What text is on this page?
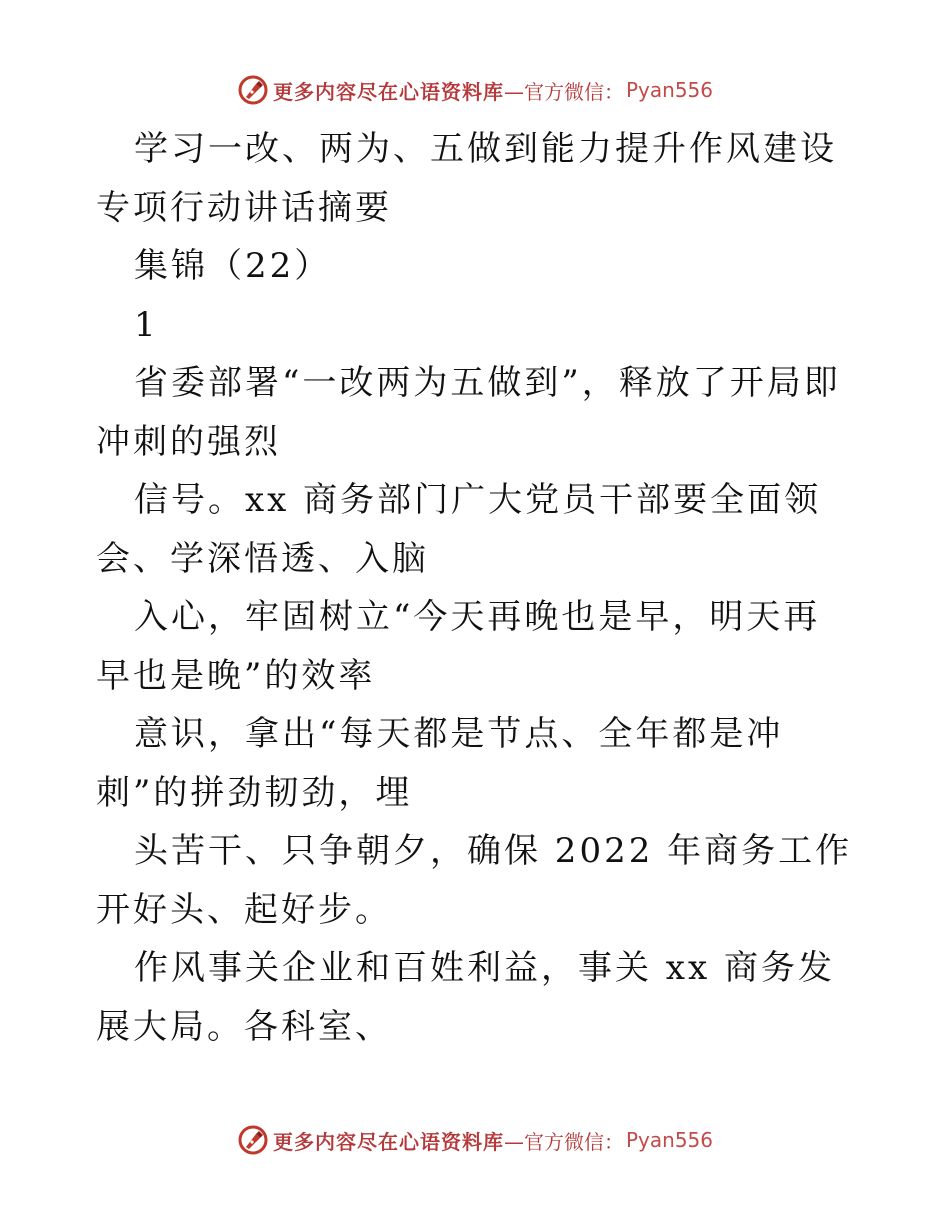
更多内容尽在心语资料库 —官方微信： Pyan556

学习一改、两为、五做到能力提升作风建设专项行动讲话摘要

集锦（22）

1

省委部署“一改两为五做到”，释放了开局即冲刺的强烈

信号。xx 商务部门广大党员干部要全面领会、学深悟透、入脑

入心，牢固树立“今天再晚也是早，明天再早也是晚”的效率

意识，拿出“每天都是节点、全年都是冲刺”的拼劲韧劲，埋

头苦干、只争朝夕，确保 2022 年商务工作开好头、起好步。

作风事关企业和百姓利益，事关 xx 商务发展大局。各科室、

更多内容尽在心语资料库 —官方微信： Pyan556
